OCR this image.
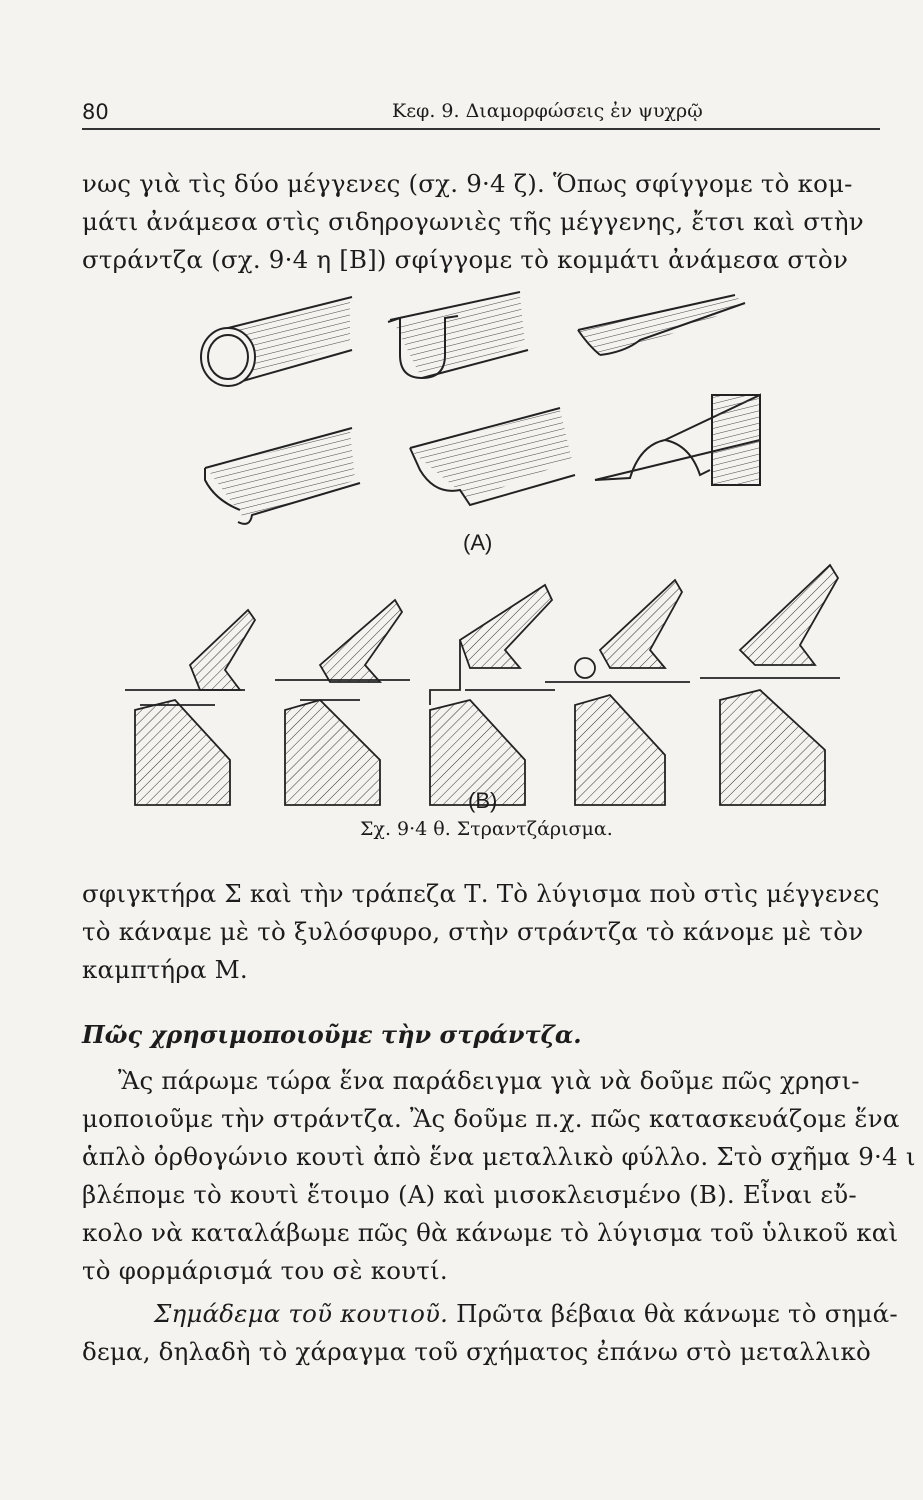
80	Κεφ. 9. Διαμορφώσεις ἐν ψυχρῷ
νως γιὰ τὶς δύο μέγγενες (σχ. 9·4 ζ). Ὅπως σφίγγομε τὸ κομ-
μάτι ἀνάμεσα στὶς σιδηρογωνιὲς τῆς μέγγενης, ἔτσι καὶ στὴν
στράντζα (σχ. 9·4 η [Β]) σφίγγομε τὸ κομμάτι ἀνάμεσα στὸν
(A)
(B)
Σχ. 9·4 θ. Στραντζάρισμα.
σφιγκτήρα Σ καὶ τὴν τράπεζα Τ. Τὸ λύγισμα ποὺ στὶς μέγγενες
τὸ κάναμε μὲ τὸ ξυλόσφυρο, στὴν στράντζα τὸ κάνομε μὲ τὸν
καμπτήρα Μ.
Πῶς χρησιμοποιοῦμε τὴν στράντζα.
Ἂς πάρωμε τώρα ἕνα παράδειγμα γιὰ νὰ δοῦμε πῶς χρησι-
μοποιοῦμε τὴν στράντζα. Ἂς δοῦμε π.χ. πῶς κατασκευάζομε ἕνα
ἁπλὸ ὀρθογώνιο κουτὶ ἀπὸ ἕνα μεταλλικὸ φύλλο. Στὸ σχῆμα 9·4 ι
βλέπομε τὸ κουτὶ ἕτοιμο (Α) καὶ μισοκλεισμένο (Β). Εἶναι εὔ-
κολο νὰ καταλάβωμε πῶς θὰ κάνωμε τὸ λύγισμα τοῦ ὑλικοῦ καὶ
τὸ φορμάρισμά του σὲ κουτί.
Σημάδεμα τοῦ κουτιοῦ. Πρῶτα βέβαια θὰ κάνωμε τὸ σημά-
δεμα, δηλαδὴ τὸ χάραγμα τοῦ σχήματος ἐπάνω στὸ μεταλλικὸ
